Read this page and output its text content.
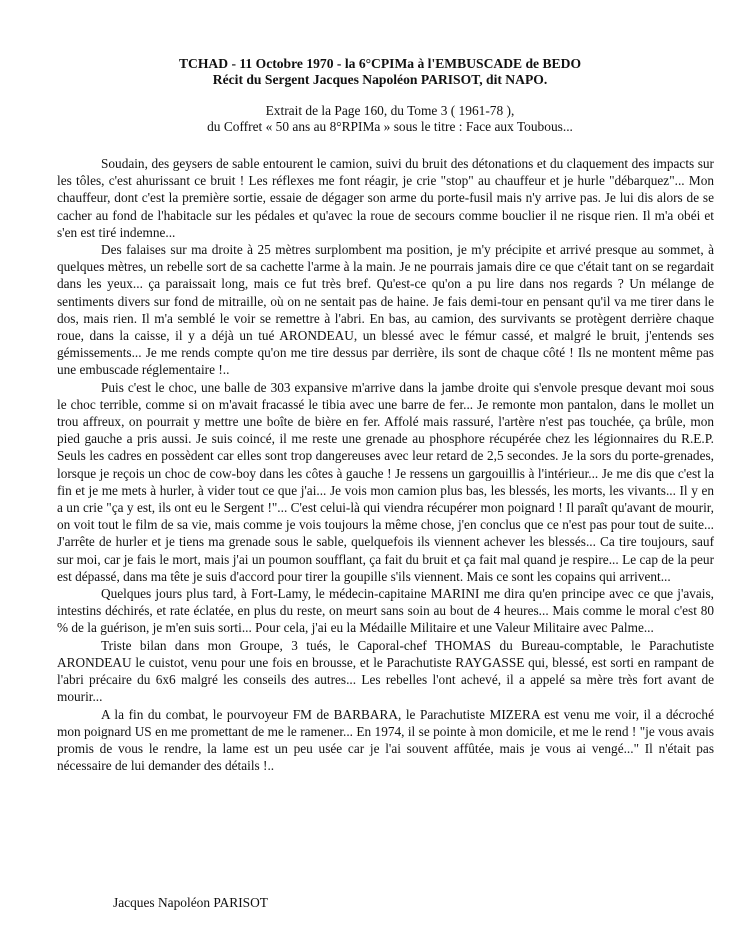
TCHAD - 11 Octobre 1970 - la 6°CPIMa à l'EMBUSCADE de BEDO
Récit du Sergent Jacques Napoléon PARISOT, dit NAPO.
Extrait de la Page 160, du Tome 3 ( 1961-78 ),
du Coffret « 50 ans au 8°RPIMa » sous le titre : Face aux Toubous...

Soudain, des geysers de sable entourent le camion, suivi du bruit des détonations et du claquement des impacts sur les tôles, c'est ahurissant ce bruit ! Les réflexes me font réagir, je crie "stop" au chauffeur et je hurle "débarquez"... Mon chauffeur, dont c'est la première sortie, essaie de dégager son arme du porte-fusil mais n'y arrive pas. Je lui dis alors de se cacher au fond de l'habitacle sur les pédales et qu'avec la roue de secours comme bouclier il ne risque rien. Il m'a obéi et s'en est tiré indemne...

Des falaises sur ma droite à 25 mètres surplombent ma position, je m'y précipite et arrivé presque au sommet, à quelques mètres, un rebelle sort de sa cachette l'arme à la main. Je ne pourrais jamais dire ce que c'était tant on se regardait dans les yeux... ça paraissait long, mais ce fut très bref. Qu'est-ce qu'on a pu lire dans nos regards ? Un mélange de sentiments divers sur fond de mitraille, où on ne sentait pas de haine. Je fais demi-tour en pensant qu'il va me tirer dans le dos, mais rien. Il m'a semblé le voir se remettre à l'abri. En bas, au camion, des survivants se protègent derrière chaque roue, dans la caisse, il y a déjà un tué ARONDEAU, un blessé avec le fémur cassé, et malgré le bruit, j'entends ses gémissements... Je me rends compte qu'on me tire dessus par derrière, ils sont de chaque côté ! Ils ne montent même pas une embuscade réglementaire !..

Puis c'est le choc, une balle de 303 expansive m'arrive dans la jambe droite qui s'envole presque devant moi sous le choc terrible, comme si on m'avait fracassé le tibia avec une barre de fer... Je remonte mon pantalon, dans le mollet un trou affreux, on pourrait y mettre une boîte de bière en fer. Affolé mais rassuré, l'artère n'est pas touchée, ça brûle, mon pied gauche a pris aussi. Je suis coincé, il me reste une grenade au phosphore récupérée chez les légionnaires du R.E.P. Seuls les cadres en possèdent car elles sont trop dangereuses avec leur retard de 2,5 secondes. Je la sors du porte-grenades, lorsque je reçois un choc de cow-boy dans les côtes à gauche ! Je ressens un gargouillis à l'intérieur... Je me dis que c'est la fin et je me mets à hurler, à vider tout ce que j'ai... Je vois mon camion plus bas, les blessés, les morts, les vivants... Il y en a un crie "ça y est, ils ont eu le Sergent !"... C'est celui-là qui viendra récupérer mon poignard ! Il paraît qu'avant de mourir, on voit tout le film de sa vie, mais comme je vois toujours la même chose, j'en conclus que ce n'est pas pour tout de suite... J'arrête de hurler et je tiens ma grenade sous le sable, quelquefois ils viennent achever les blessés... Ca tire toujours, sauf sur moi, car je fais le mort, mais j'ai un poumon soufflant, ça fait du bruit et ça fait mal quand je respire... Le cap de la peur est dépassé, dans ma tête je suis d'accord pour tirer la goupille s'ils viennent. Mais ce sont les copains qui arrivent...

Quelques jours plus tard, à Fort-Lamy, le médecin-capitaine MARINI me dira qu'en principe avec ce que j'avais, intestins déchirés, et rate éclatée, en plus du reste, on meurt sans soin au bout de 4 heures... Mais comme le moral c'est 80 % de la guérison, je m'en suis sorti... Pour cela, j'ai eu la Médaille Militaire et une Valeur Militaire avec Palme...

Triste bilan dans mon Groupe, 3 tués, le Caporal-chef THOMAS du Bureau-comptable, le Parachutiste ARONDEAU le cuistot, venu pour une fois en brousse, et le Parachutiste RAYGASSE qui, blessé, est sorti en rampant de l'abri précaire du 6x6 malgré les conseils des autres... Les rebelles l'ont achevé, il a appelé sa mère très fort avant de mourir...

A la fin du combat, le pourvoyeur FM de BARBARA, le Parachutiste MIZERA est venu me voir, il a décroché mon poignard US en me promettant de me le ramener... En 1974, il se pointe à mon domicile, et me le rend ! "je vous avais promis de vous le rendre, la lame est un peu usée car je l'ai souvent affûtée, mais je vous ai vengé..." Il n'était pas nécessaire de lui demander des détails !..

Jacques Napoléon PARISOT
